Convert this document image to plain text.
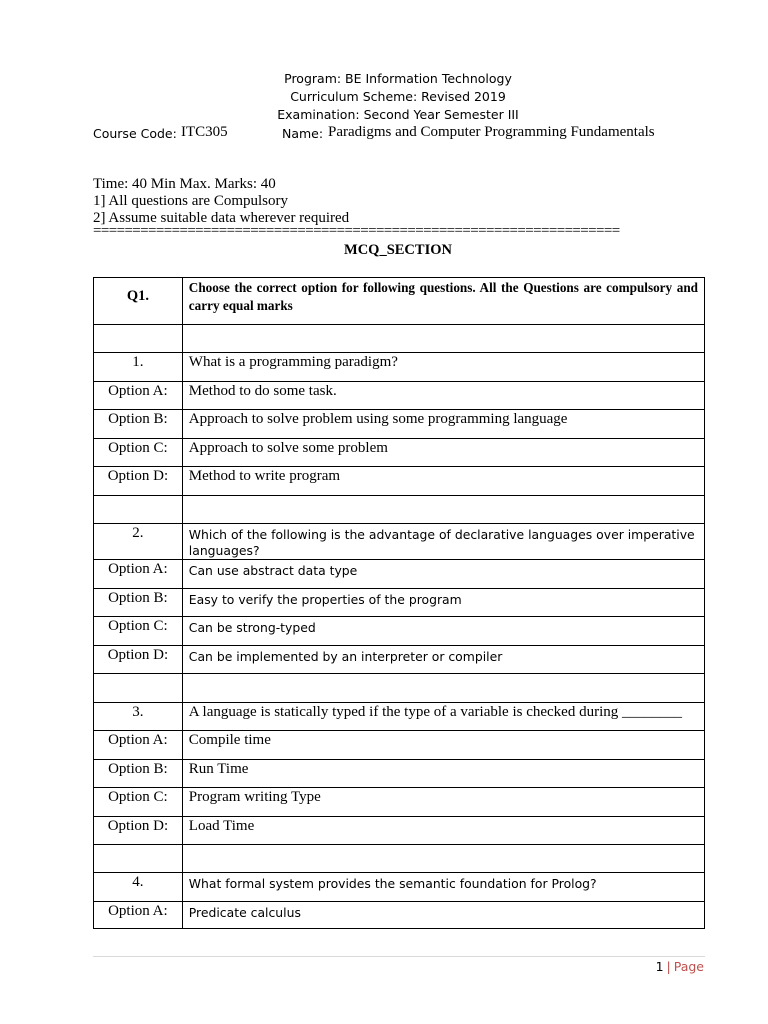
Program: BE Information Technology
Curriculum Scheme: Revised 2019
Examination: Second Year Semester III
Course Code: ITC305	Name: Paradigms and Computer Programming Fundamentals
Time: 40 Min Max. Marks: 40
1] All questions are Compulsory
2] Assume suitable data wherever required
===================================================================
MCQ_SECTION
Q1.	Choose the correct option for following questions. All the Questions are compulsory and carry equal marks

1.	What is a programming paradigm?

Option A:	Method to do some task.

Option B:	Approach to solve problem using some programming language

Option C:	Approach to solve some problem

Option D:	Method to write program

2.	Which of the following is the advantage of declarative languages over imperative languages?

Option A:	Can use abstract data type

Option B:	Easy to verify the properties of the program

Option C:	Can be strong-typed

Option D:	Can be implemented by an interpreter or compiler

3.	A language is statically typed if the type of a variable is checked during ________

Option A:	Compile time

Option B:	Run Time

Option C:	Program writing Type

Option D:	Load Time

4.	What formal system provides the semantic foundation for Prolog?

Option A:	Predicate calculus
1 | Page
